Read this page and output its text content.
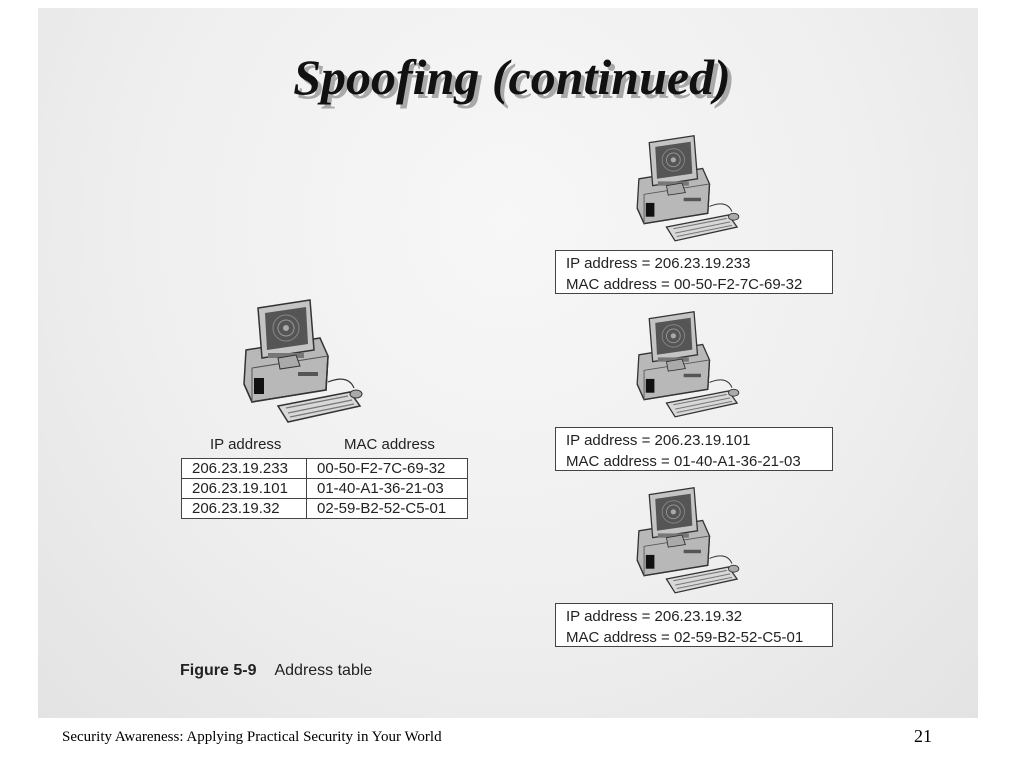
Spoofing (continued)
IP address	MAC address
206.23.19.233	00-50-F2-7C-69-32
206.23.19.101	01-40-A1-36-21-03
206.23.19.32	02-59-B2-52-C5-01
IP address = 206.23.19.233
MAC address = 00-50-F2-7C-69-32
IP address = 206.23.19.101
MAC address = 01-40-A1-36-21-03
IP address = 206.23.19.32
MAC address = 02-59-B2-52-C5-01
Figure 5-9 Address table
Security Awareness: Applying Practical Security in Your World	21
